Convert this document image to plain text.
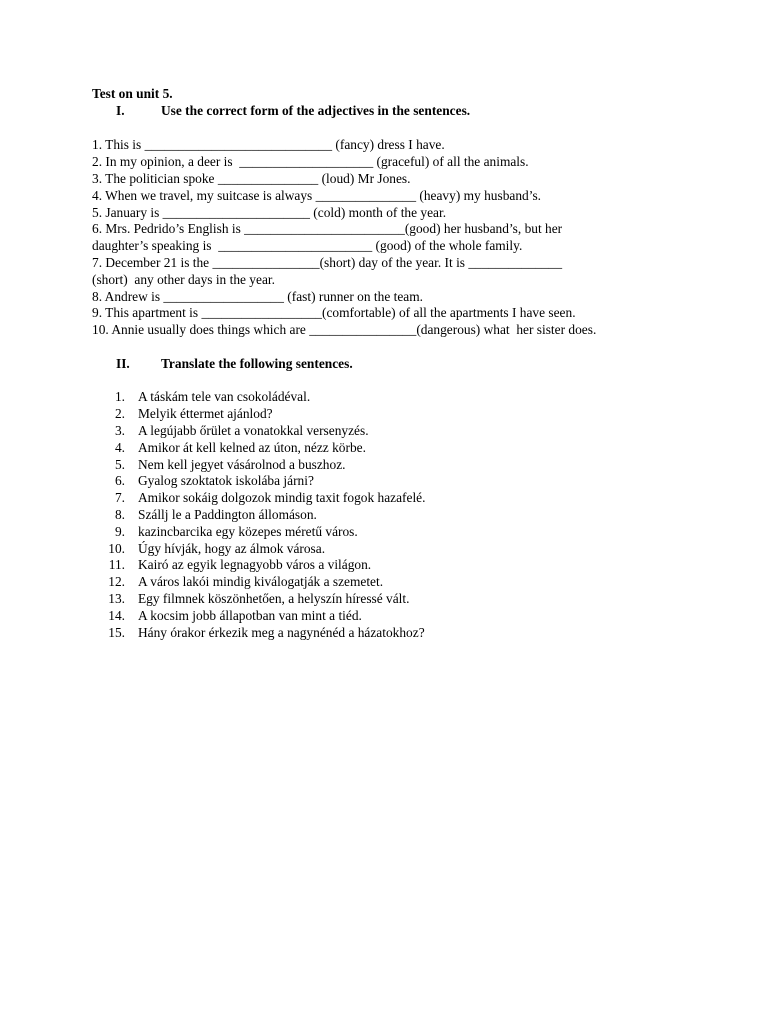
Test on unit 5.
I.	Use the correct form of the adjectives in the sentences.
1. This is ____________________________ (fancy) dress I have.
2. In my opinion, a deer is  ____________________ (graceful) of all the animals.
3. The politician spoke _______________ (loud) Mr Jones.
4. When we travel, my suitcase is always _______________ (heavy) my husband’s.
5. January is ______________________ (cold) month of the year.
6. Mrs. Pedrido’s English is ________________________(good) her husband’s, but her
daughter’s speaking is  _______________________ (good) of the whole family.
7. December 21 is the ________________(short) day of the year. It is ______________
(short)  any other days in the year.
8. Andrew is __________________ (fast) runner on the team.
9. This apartment is __________________(comfortable) of all the apartments I have seen.
10. Annie usually does things which are ________________(dangerous) what  her sister does.
II. Translate the following sentences.
1. A táskám tele van csokoládéval.
2. Melyik éttermet ajánlod?
3. A legújabb őrület a vonatokkal versenyzés.
4. Amikor át kell kelned az úton, nézz körbe.
5. Nem kell jegyet vásárolnod a buszhoz.
6. Gyalog szoktatok iskolába járni?
7. Amikor sokáig dolgozok mindig taxit fogok hazafelé.
8. Szállj le a Paddington állomáson.
9. kazincbarcika egy közepes méretű város.
10. Úgy hívják, hogy az álmok városa.
11. Kairó az egyik legnagyobb város a világon.
12. A város lakói mindig kiválogatják a szemetet.
13. Egy filmnek köszönhetően, a helyszín híressé vált.
14. A kocsim jobb állapotban van mint a tiéd.
15. Hány órakor érkezik meg a nagynénéd a házatokhoz?
